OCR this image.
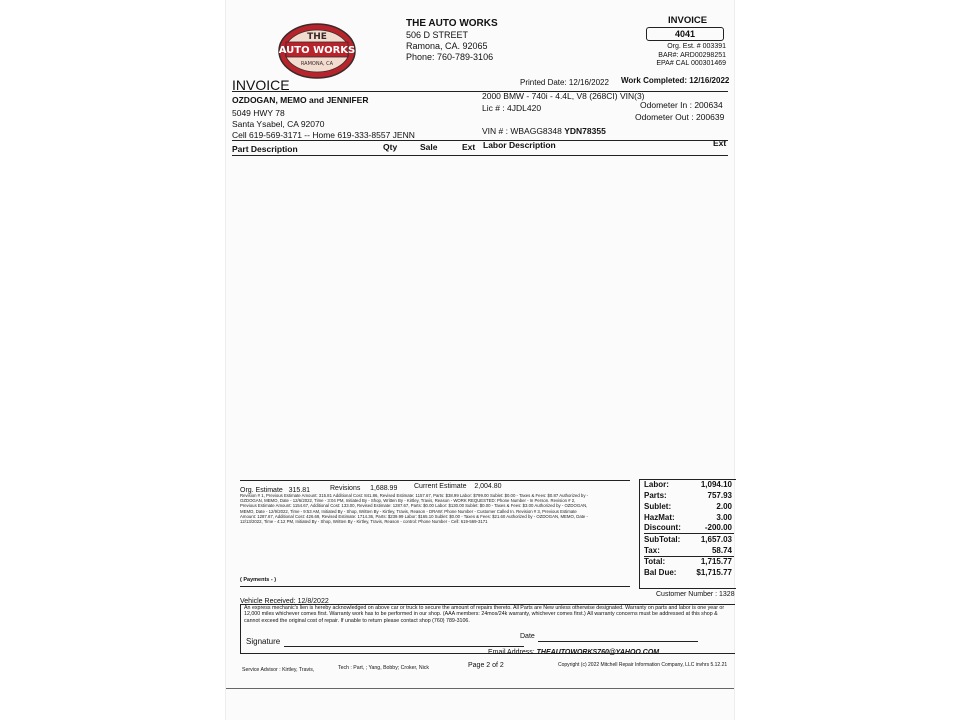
THE
AUTO WORKS
RAMONA, CA
THE AUTO WORKS
506 D STREET
Ramona, CA. 92065
Phone: 760-789-3106
INVOICE
4041
Org. Est. # 003391
BAR#: ARD00298251
EPA# CAL 000301469
INVOICE	Printed Date: 12/16/2022 Work Completed: 12/16/2022
OZDOGAN, MEMO and JENNIFER
5049 HWY 78
Santa Ysabel, CA 92070
Cell 619-569-3171 -- Home 619-333-8557 JENN
2000 BMW - 740i - 4.4L, V8 (268CI) VIN(3)
Lic # : 4JDL420
VIN # : WBAGG8348 YDN78355
Odometer In : 200634
Odometer Out : 200639
Part Description	Qty	Sale	Ext Labor Description	Ext
Org. Estimate 315.81	Revisions 1,688.99 Current Estimate 2,004.80
Revision # 1, Previous Estimate Amount: 315.81 Additional Cost: 841.86, Revised Estimate: 1157.67, Parts: $38.99 Labor: $799.00 Sublet: $0.00 - Taxes & Fees: $0.87 Authorized by - OZDOGAN, MEMO, Date - 12/6/2022, Time - 3:04 PM, Initiated By - Shop, Written By - Kirtley, Travis, Reason - WORK REQUESTED: Phone Number - In Person. Revision # 2, Previous Estimate Amount: 1154.67, Additional Cost: 133.00, Revised Estimate: 1287.67, Parts: $0.00 Labor: $130.00 Sublet: $0.00 - Taxes & Fees: $3.00 Authorized by - OZDOGAN, MEMO, Date - 12/9/2022, Time - 9:53 AM, Initiated By - Shop, Written By - Kirtley, Travis, Reason - DRAW: Phone Number - Customer Called In. Revision # 3, Previous Estimate Amount: 1287.67, Additional Cost: 426.69, Revised Estimate: 1714.36, Parts: $239.99 Labor: $165.10 Sublet: $0.00 - Taxes & Fees: $21.60 Authorized by - OZDOGAN, MEMO, Date - 12/13/2022, Time - 4:12 PM, Initiated By - Shop, Written By - Kirtley, Travis, Reason - control: Phone Number - Cell: 619-569-3171
( Payments - )
Labor:	1,094.10
Parts:	757.93
Sublet:	2.00
HazMat:	3.00
Discount:	-200.00
SubTotal:	1,657.03
Tax:	58.74
Total:	1,715.77
Bal Due: $1,715.77
Customer Number : 1328
Vehicle Received: 12/8/2022
An express mechanic's lien is hereby acknowledged on above car or truck to secure the amount of repairs thereto. All Parts are New unless otherwise designated. Warranty on parts and labor is one year or 12,000 miles whichever comes first. Warranty work has to be performed in our shop. (AAA members: 24mos/24k warranty, whichever comes first.) All warranty concerns must be addressed at this shop & cannot exceed the original cost of repair. If unable to return please contact shop (760) 789-3106.
Date
Signature
Email Address: THEAUTOWORKS760@YAHOO.COM
Service Advisor : Kirtley, Travis,	Tech : Part, ; Yang, Bobby; Croker, Nick	Page 2 of 2	Copyright (c) 2022 Mitchell Repair Information Company, LLC invhrs 5.12.21
